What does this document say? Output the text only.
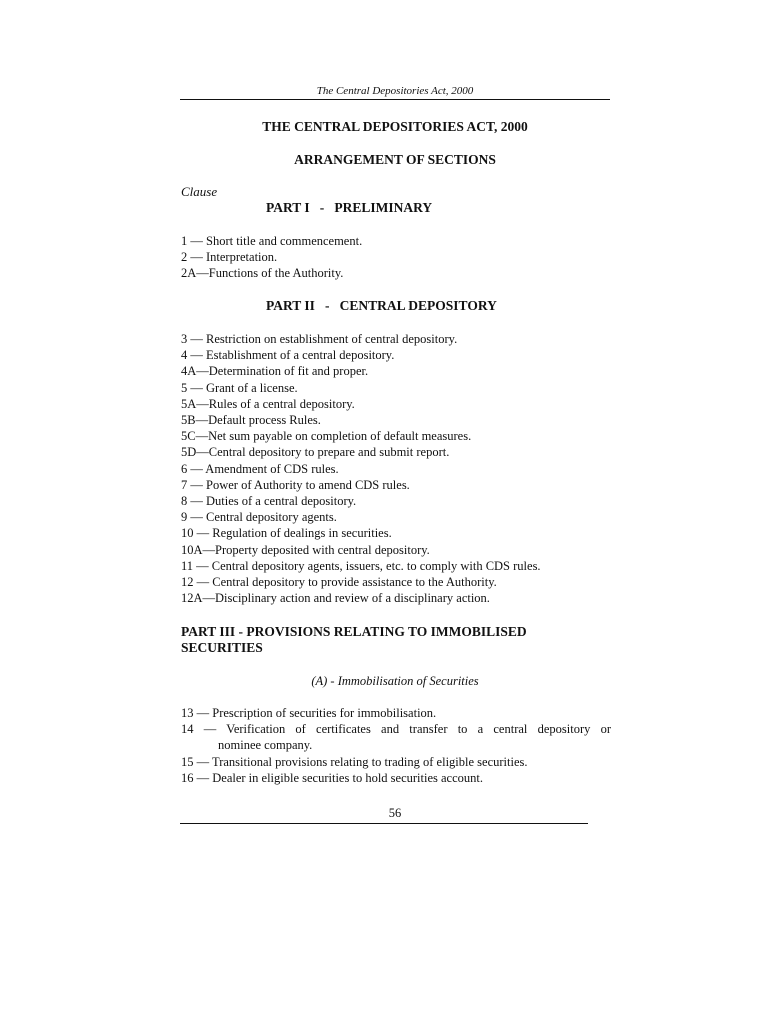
The Central Depositories Act, 2000
THE CENTRAL DEPOSITORIES ACT, 2000
ARRANGEMENT OF SECTIONS
Clause
PART I   -   PRELIMINARY
1 — Short title and commencement.
2 — Interpretation.
2A—Functions of the Authority.
PART II   -   CENTRAL DEPOSITORY
3 — Restriction on establishment of central depository.
4 — Establishment of a central depository.
4A—Determination of fit and proper.
5 — Grant of a license.
5A—Rules of a central depository.
5B—Default process Rules.
5C—Net sum payable on completion of default measures.
5D—Central depository to prepare and submit report.
6 — Amendment of CDS rules.
7 — Power of Authority to amend CDS rules.
8 — Duties of a central depository.
9 — Central depository agents.
10 — Regulation of dealings in securities.
10A—Property deposited with central depository.
11 — Central depository agents, issuers, etc. to comply with CDS rules.
12 — Central depository to provide assistance to the Authority.
12A—Disciplinary action and review of a disciplinary action.
PART III - PROVISIONS RELATING TO IMMOBILISED SECURITIES
(A) - Immobilisation of Securities
13 — Prescription of securities for immobilisation.
14 — Verification of certificates and transfer to a central depository or
nominee company.
15 — Transitional provisions relating to trading of eligible securities.
16 — Dealer in eligible securities to hold securities account.
56
